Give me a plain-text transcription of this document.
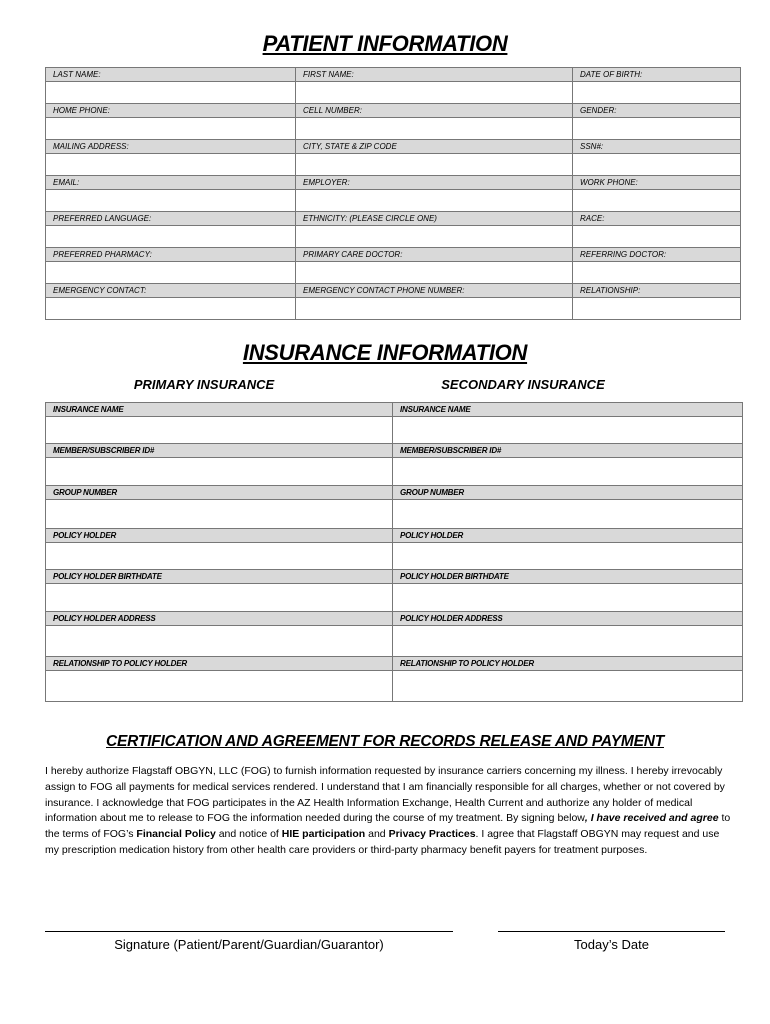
PATIENT INFORMATION
LAST NAME:	FIRST NAME:	DATE OF BIRTH:

HOME PHONE:	CELL NUMBER:	GENDER:

MAILING ADDRESS:	CITY, STATE & ZIP CODE	SSN#:

EMAIL:	EMPLOYER:	WORK PHONE:

PREFERRED LANGUAGE:	ETHNICITY: (PLEASE CIRCLE ONE)	RACE:

PREFERRED PHARMACY:	PRIMARY CARE DOCTOR:	REFERRING DOCTOR:

EMERGENCY CONTACT:	EMERGENCY CONTACT PHONE NUMBER:	RELATIONSHIP:

INSURANCE INFORMATION
PRIMARY INSURANCE	SECONDARY INSURANCE
INSURANCE NAME	INSURANCE NAME

MEMBER/SUBSCRIBER ID#	MEMBER/SUBSCRIBER ID#

GROUP NUMBER	GROUP NUMBER

POLICY HOLDER	POLICY HOLDER

POLICY HOLDER BIRTHDATE	POLICY HOLDER BIRTHDATE

POLICY HOLDER ADDRESS	POLICY HOLDER ADDRESS

RELATIONSHIP TO POLICY HOLDER	RELATIONSHIP TO POLICY HOLDER

CERTIFICATION AND AGREEMENT FOR RECORDS RELEASE AND PAYMENT
I hereby authorize Flagstaff OBGYN, LLC (FOG) to furnish information requested by insurance carriers concerning my illness. I hereby irrevocably assign to FOG all payments for medical services rendered. I understand that I am financially responsible for all charges, whether or not covered by insurance. I acknowledge that FOG participates in the AZ Health Information Exchange, Health Current and authorize any holder of medical information about me to release to FOG the information needed during the course of my treatment. By signing below, I have received and agree to the terms of FOG’s Financial Policy and notice of HIE participation and Privacy Practices. I agree that Flagstaff OBGYN may request and use my prescription medication history from other health care providers or third-party pharmacy benefit payers for treatment purposes.
Signature (Patient/Parent/Guardian/Guarantor)	Today’s Date
